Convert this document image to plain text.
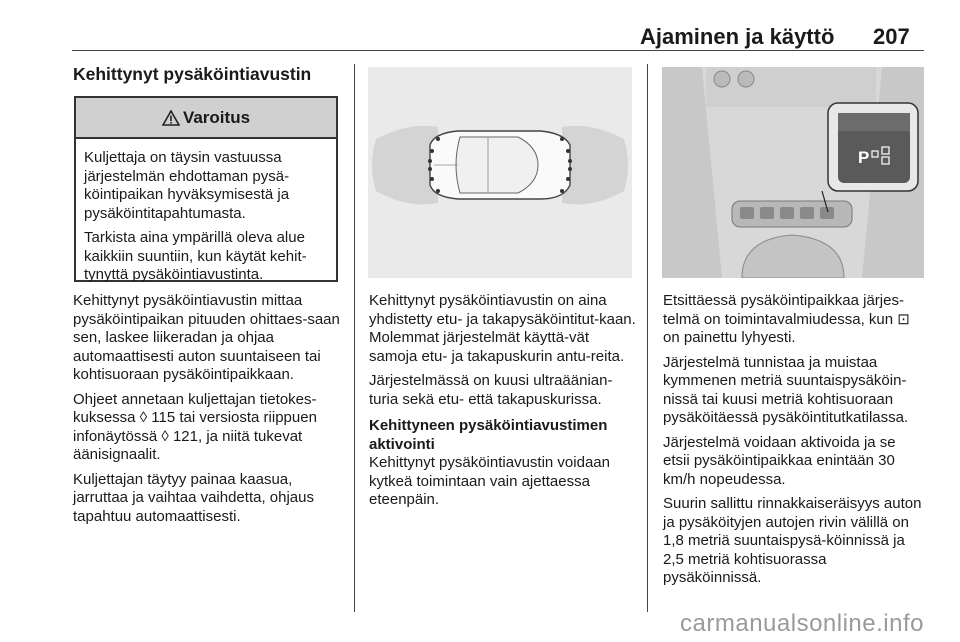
Ajaminen ja käyttö 207
Kehittynyt pysäköintiavustin
Varoitus

Kuljettaja on täysin vastuussa järjestelmän ehdottaman pysä-köintipaikan hyväksymisestä ja pysäköintitapahtumasta.

Tarkista aina ympärillä oleva alue kaikkiin suuntiin, kun käytät kehit-tynyttä pysäköintiavustinta.

Kehittynyt pysäköintiavustin mittaa pysäköintipaikan pituuden ohittaes-saan sen, laskee liikeradan ja ohjaa automaattisesti auton suuntaiseen tai kohtisuoraan pysäköintipaikkaan.

Ohjeet annetaan kuljettajan tietokes-kuksessa ◊ 115 tai versiosta riippuen infonäytössä ◊ 121, ja niitä tukevat äänisignaalit.

Kuljettajan täytyy painaa kaasua, jarruttaa ja vaihtaa vaihdetta, ohjaus tapahtuu automaattisesti.

Kehittynyt pysäköintiavustin on aina yhdistetty etu- ja takapysäköintitut-kaan. Molemmat järjestelmät käyttä-vät samoja etu- ja takapuskurin antu-reita.

Järjestelmässä on kuusi ultraäänian-turia sekä etu- että takapuskurissa.

Kehittyneen pysäköintiavustimen aktivointi

Kehittynyt pysäköintiavustin voidaan kytkeä toimintaan vain ajettaessa eteenpäin.

P

Etsittäessä pysäköintipaikkaa järjes-telmä on toimintavalmiudessa, kun ⊡ on painettu lyhyesti.

Järjestelmä tunnistaa ja muistaa kymmenen metriä suuntaispysäköin-nissä tai kuusi metriä kohtisuoraan pysäköitäessä pysäköintitutkatilassa.

Järjestelmä voidaan aktivoida ja se etsii pysäköintipaikkaa enintään 30 km/h nopeudessa.

Suurin sallittu rinnakkaiseräisyys auton ja pysäköityjen autojen rivin välillä on 1,8 metriä suuntaispysä-köinnissä ja 2,5 metriä kohtisuorassa pysäköinnissä.

carmanualsonline.info
